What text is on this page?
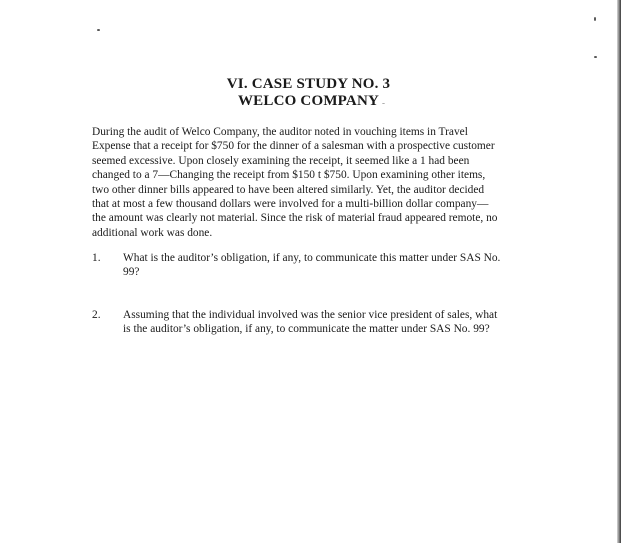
VI. CASE STUDY NO. 3
WELCO COMPANY
During the audit of Welco Company, the auditor noted in vouching items in Travel
Expense that a receipt for $750 for the dinner of a salesman with a prospective customer
seemed excessive. Upon closely examining the receipt, it seemed like a 1 had been
changed to a 7—Changing the receipt from $150 t $750. Upon examining other items,
two other dinner bills appeared to have been altered similarly. Yet, the auditor decided
that at most a few thousand dollars were involved for a multi-billion dollar company—
the amount was clearly not material. Since the risk of material fraud appeared remote, no
additional work was done.
1. What is the auditor’s obligation, if any, to communicate this matter under SAS No.
99?
2. Assuming that the individual involved was the senior vice president of sales, what
is the auditor’s obligation, if any, to communicate the matter under SAS No. 99?
